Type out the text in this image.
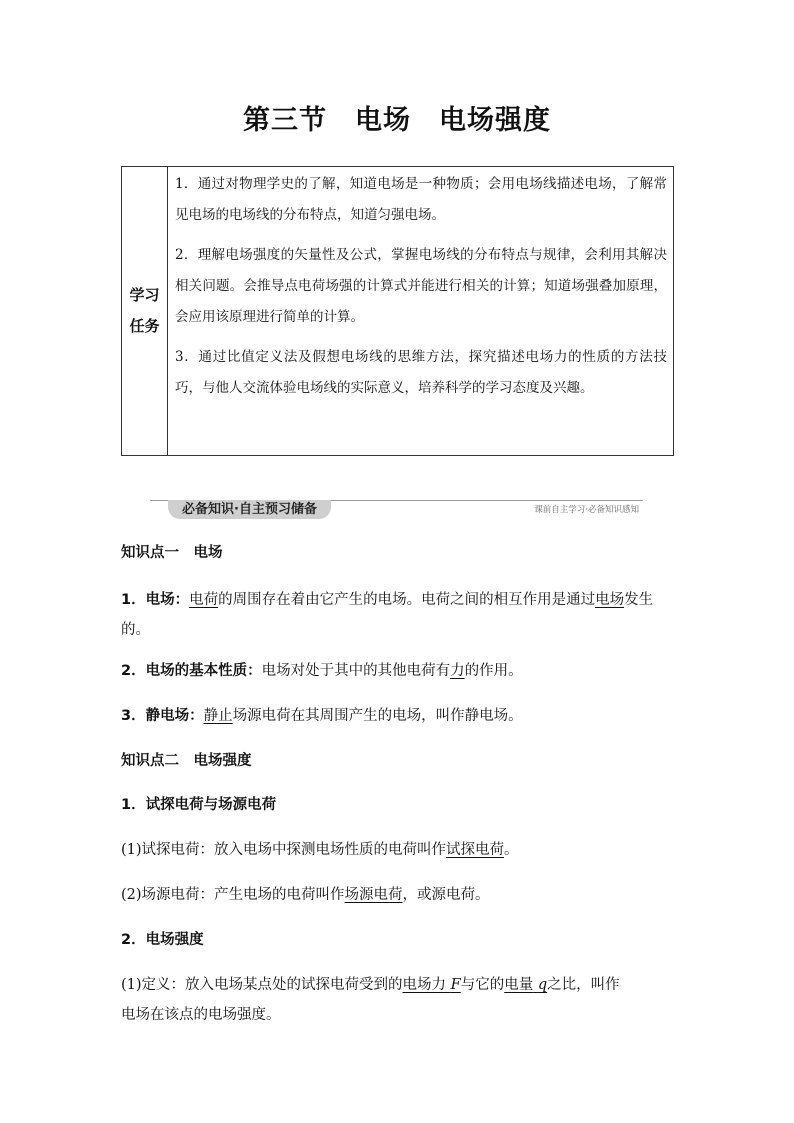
第三节　电场　电场强度
学习
任务
1．通过对物理学史的了解，知道电场是一种物质；会用电场线描述电场，了解常见电场的电场线的分布特点，知道匀强电场。
2．理解电场强度的矢量性及公式，掌握电场线的分布特点与规律，会利用其解决相关问题。会推导点电荷场强的计算式并能进行相关的计算；知道场强叠加原理，会应用该原理进行简单的计算。
3．通过比值定义法及假想电场线的思维方法，探究描述电场力的性质的方法技巧，与他人交流体验电场线的实际意义，培养科学的学习态度及兴趣。
必备知识·自主预习储备	课前自主学习·必备知识感知
知识点一　电场
1．电场：电荷的周围存在着由它产生的电场。电荷之间的相互作用是通过电场发生的。
2．电场的基本性质：电场对处于其中的其他电荷有力的作用。
3．静电场：静止场源电荷在其周围产生的电场，叫作静电场。
知识点二　电场强度
1．试探电荷与场源电荷
(1)试探电荷：放入电场中探测电场性质的电荷叫作试探电荷。
(2)场源电荷：产生电场的电荷叫作场源电荷，或源电荷。
2．电场强度
(1)定义：放入电场某点处的试探电荷受到的电场力 F与它的电量 q之比，叫作
电场在该点的电场强度。
